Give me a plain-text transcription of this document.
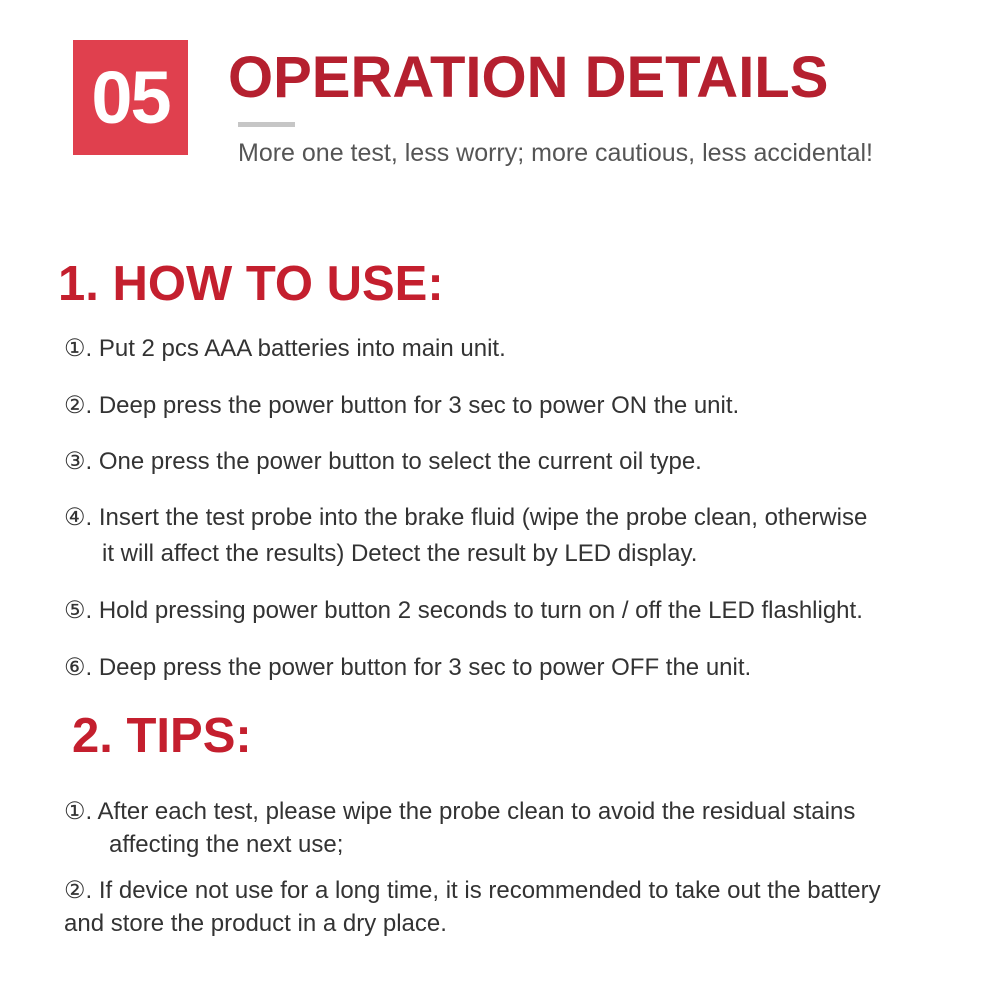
05	OPERATION DETAILS
More one test, less worry; more cautious, less accidental!
1. HOW TO USE:

①. Put 2 pcs AAA batteries into main unit.

②. Deep press the power button for 3 sec to power ON the unit.

③. One press the power button to select the current oil type.

④. Insert the test probe into the brake fluid (wipe the probe clean, otherwise
it will affect the results) Detect the result by LED display.

⑤. Hold pressing power button 2 seconds to turn on / off the LED flashlight.

⑥. Deep press the power button for 3 sec to power OFF the unit.

2. TIPS:

①. After each test, please wipe the probe clean to avoid the residual stains
affecting the next use;

②. If device not use for a long time, it is recommended to take out the battery
and store the product in a dry place.
